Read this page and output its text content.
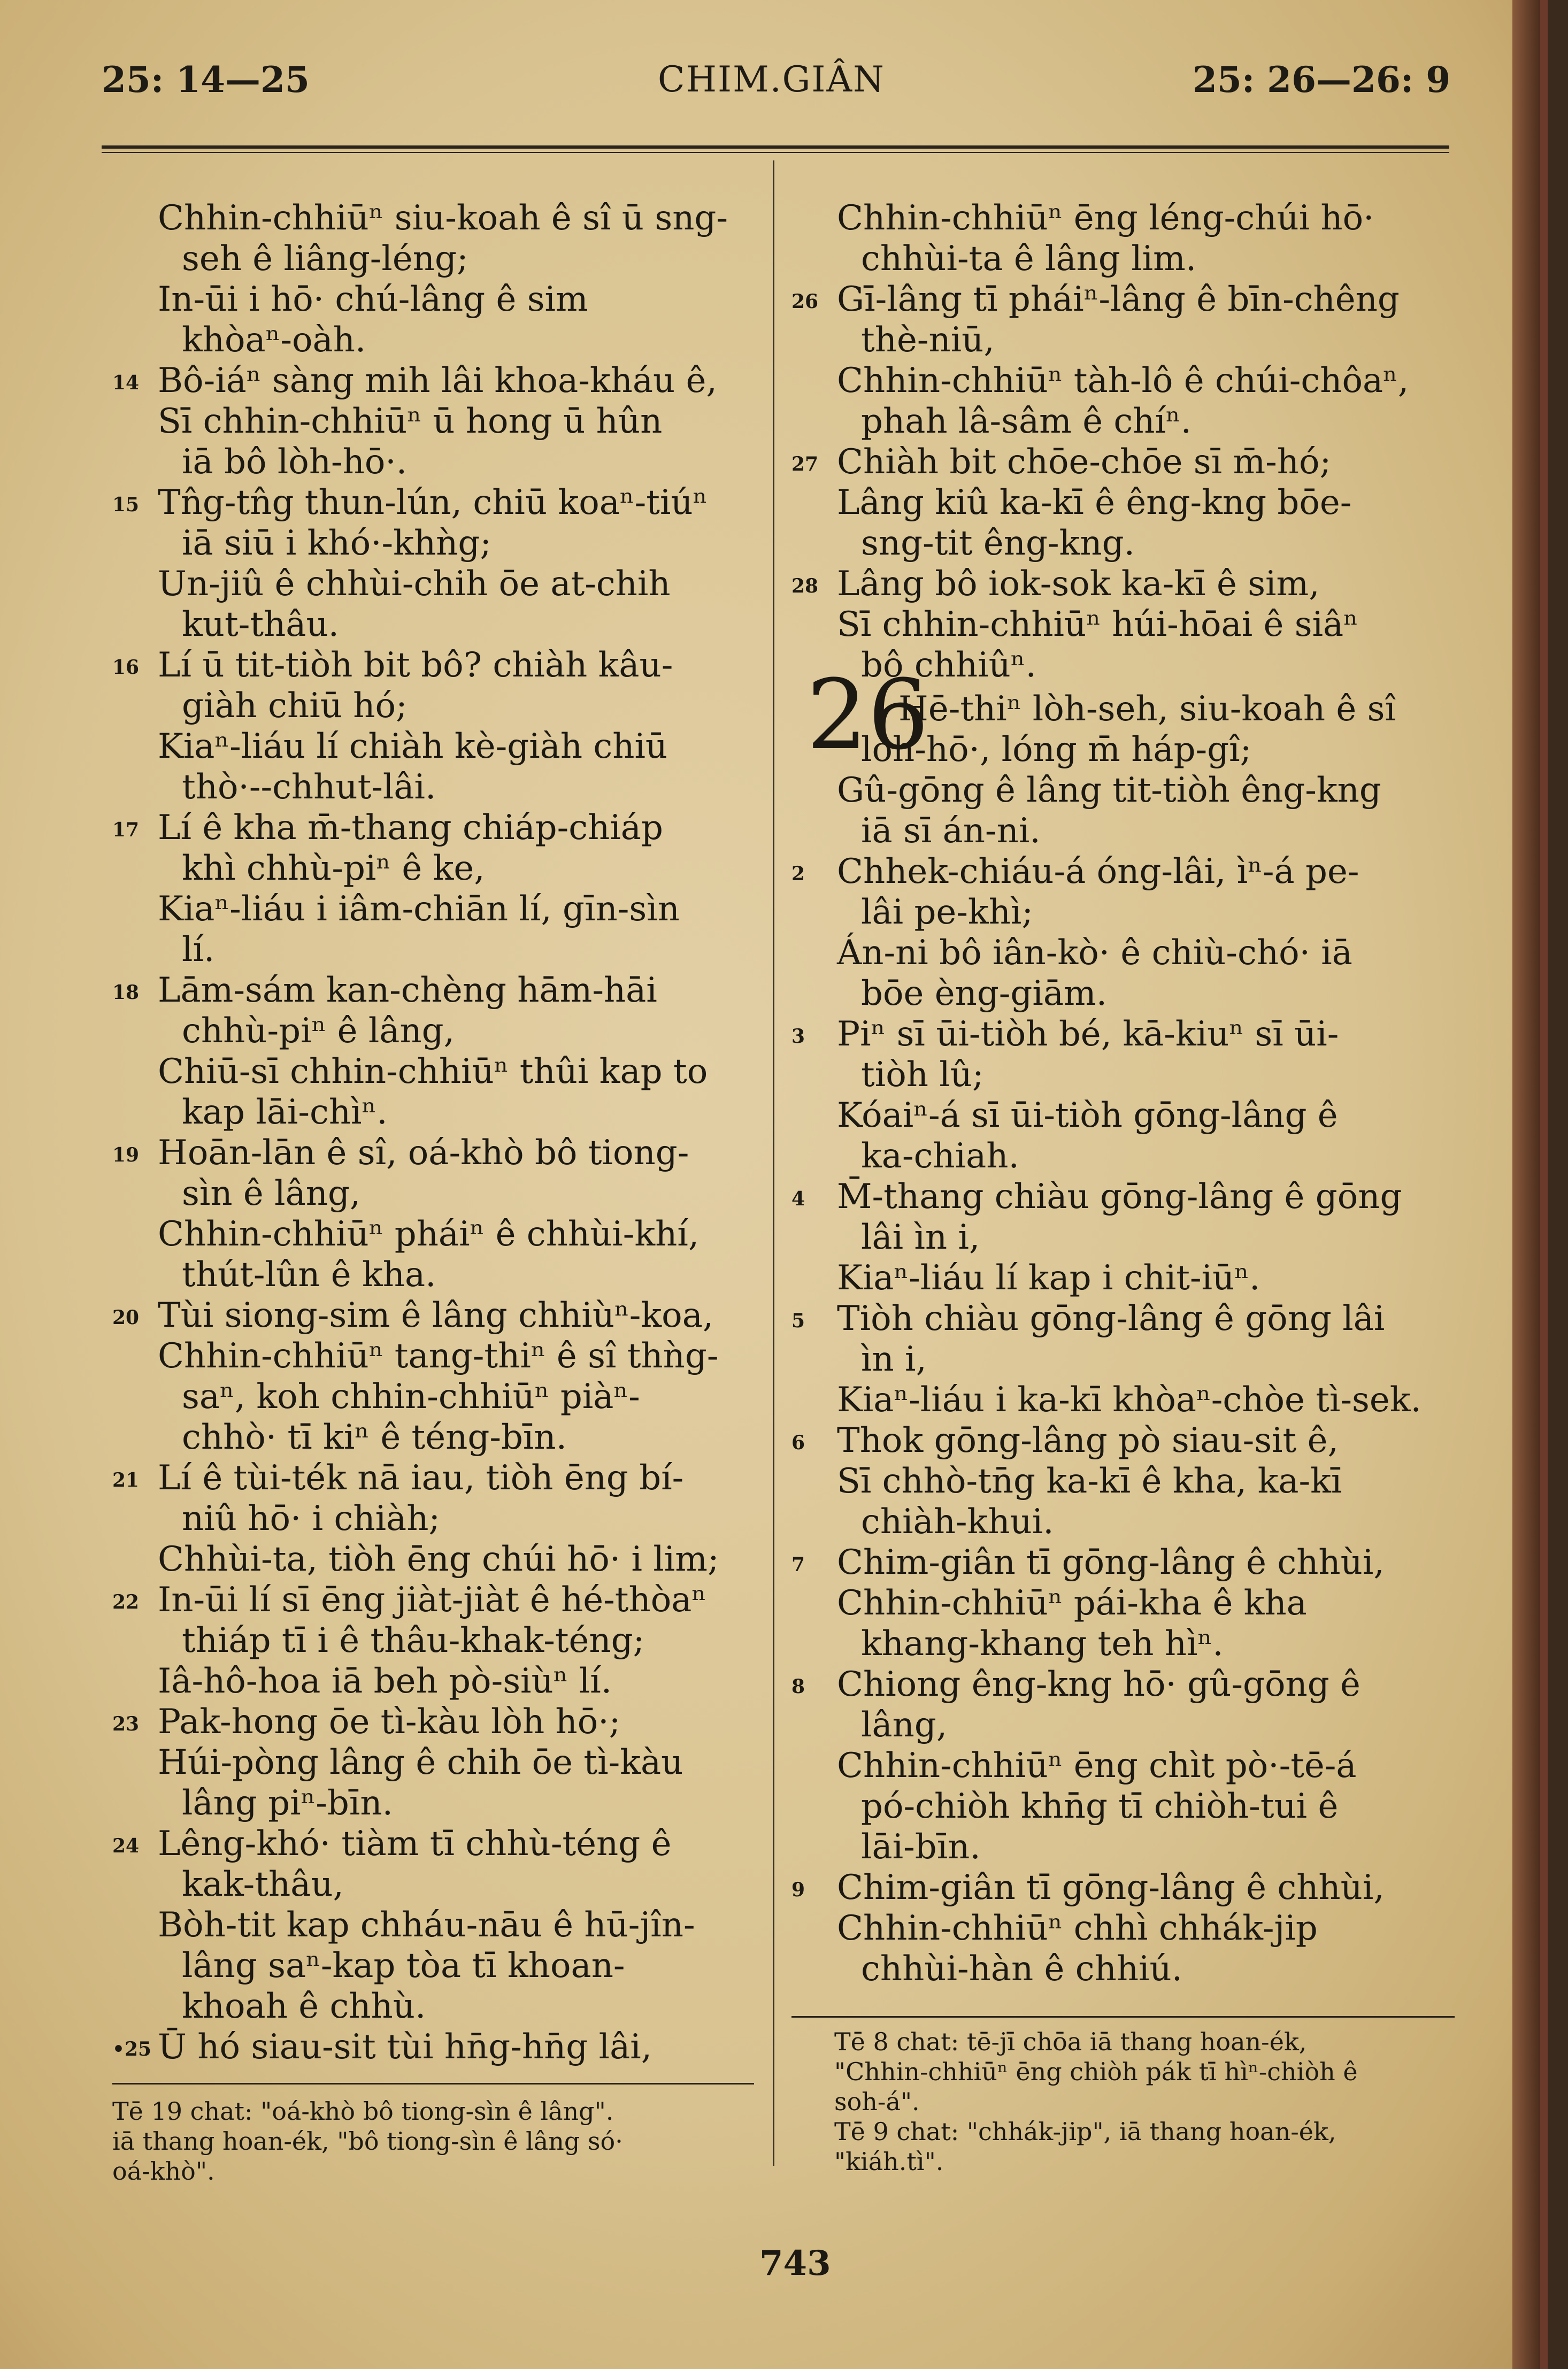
25: 14—25	CHIM.GIÂN	25: 26—26: 9
Chhin-chhiūⁿ siu-koah ê sî ū sng-
seh ê liâng-léng;
In-ūi i hō· chú-lâng ê sim
khòaⁿ-oàh.
14 Bô-iáⁿ sàng mih lâi khoa-kháu ê,
Sī chhin-chhiūⁿ ū hong ū hûn
iā bô lòh-hō·.
15 Tn̂g-tn̂g thun-lún, chiū koaⁿ-tiúⁿ
iā siū i khó·-khǹg;
Un-jiû ê chhùi-chih ōe at-chih
kut-thâu.
16 Lí ū tit-tiòh bit bô? chiàh kâu-
giàh chiū hó;
Kiaⁿ-liáu lí chiàh kè-giàh chiū
thò·--chhut-lâi.
17 Lí ê kha m̄-thang chiáp-chiáp
khì chhù-piⁿ ê ke,
Kiaⁿ-liáu i iâm-chiān lí, gīn-sìn
lí.
18 Lām-sám kan-chèng hām-hāi
chhù-piⁿ ê lâng,
Chiū-sī chhin-chhiūⁿ thûi kap to
kap lāi-chìⁿ.
19 Hoān-lān ê sî, oá-khò bô tiong-
sìn ê lâng,
Chhin-chhiūⁿ pháiⁿ ê chhùi-khí,
thút-lûn ê kha.
20 Tùi siong-sim ê lâng chhiùⁿ-koa,
Chhin-chhiūⁿ tang-thiⁿ ê sî thǹg-
saⁿ, koh chhin-chhiūⁿ piàⁿ-
chhò· tī kiⁿ ê téng-bīn.
21 Lí ê tùi-ték nā iau, tiòh ēng bí-
niû hō· i chiàh;
Chhùi-ta, tiòh ēng chúi hō· i lim;
22 In-ūi lí sī ēng jiàt-jiàt ê hé-thòaⁿ
thiáp tī i ê thâu-khak-téng;
Iâ-hô-hoa iā beh pò-siùⁿ lí.
23 Pak-hong ōe tì-kàu lòh hō·;
Húi-pòng lâng ê chih ōe tì-kàu
lâng piⁿ-bīn.
24 Lêng-khó· tiàm tī chhù-téng ê
kak-thâu,
Bòh-tit kap chháu-nāu ê hū-jîn-
lâng saⁿ-kap tòa tī khoan-
khoah ê chhù.
•25 Ū hó siau-sit tùi hn̄g-hn̄g lâi,
Chhin-chhiūⁿ ēng léng-chúi hō·
chhùi-ta ê lâng lim.
26 Gī-lâng tī pháiⁿ-lâng ê bīn-chêng
thè-niū,
Chhin-chhiūⁿ tàh-lô ê chúi-chôaⁿ,
phah lâ-sâm ê chíⁿ.
27 Chiàh bit chōe-chōe sī m̄-hó;
Lâng kiû ka-kī ê êng-kng bōe-
sng-tit êng-kng.
28 Lâng bô iok-sok ka-kī ê sim,
Sī chhin-chhiūⁿ húi-hōai ê siâⁿ
bô chhiûⁿ.
26
Hē-thiⁿ lòh-seh, siu-koah ê sî
lòh-hō·, lóng m̄ háp-gî;
Gû-gōng ê lâng tit-tiòh êng-kng
iā sī án-ni.
2 Chhek-chiáu-á óng-lâi, ìⁿ-á pe-
lâi pe-khì;
Án-ni bô iân-kò· ê chiù-chó· iā
bōe èng-giām.
3 Piⁿ sī ūi-tiòh bé, kā-kiuⁿ sī ūi-
tiòh lû;
Kóaiⁿ-á sī ūi-tiòh gōng-lâng ê
ka-chiah.
4 M̄-thang chiàu gōng-lâng ê gōng
lâi ìn i,
Kiaⁿ-liáu lí kap i chit-iūⁿ.
5 Tiòh chiàu gōng-lâng ê gōng lâi
ìn i,
Kiaⁿ-liáu i ka-kī khòaⁿ-chòe tì-sek.
6 Thok gōng-lâng pò siau-sit ê,
Sī chhò-tn̄g ka-kī ê kha, ka-kī
chiàh-khui.
7 Chim-giân tī gōng-lâng ê chhùi,
Chhin-chhiūⁿ pái-kha ê kha
khang-khang teh hìⁿ.
8 Chiong êng-kng hō· gû-gōng ê
lâng,
Chhin-chhiūⁿ ēng chìt pò·-tē-á
pó-chiòh khn̄g tī chiòh-tui ê
lāi-bīn.
9 Chim-giân tī gōng-lâng ê chhùi,
Chhin-chhiūⁿ chhì chhák-jip
chhùi-hàn ê chhiú.
Tē 19 chat: "oá-khò bô tiong-sìn ê lâng".
iā thang hoan-ék, "bô tiong-sìn ê lâng só·
oá-khò".
Tē 8 chat: tē-jī chōa iā thang hoan-ék,
"Chhin-chhiūⁿ ēng chiòh pák tī hìⁿ-chiòh ê
soh-á".
Tē 9 chat: "chhák-jip", iā thang hoan-ék,
"kiáh.tì".
743
